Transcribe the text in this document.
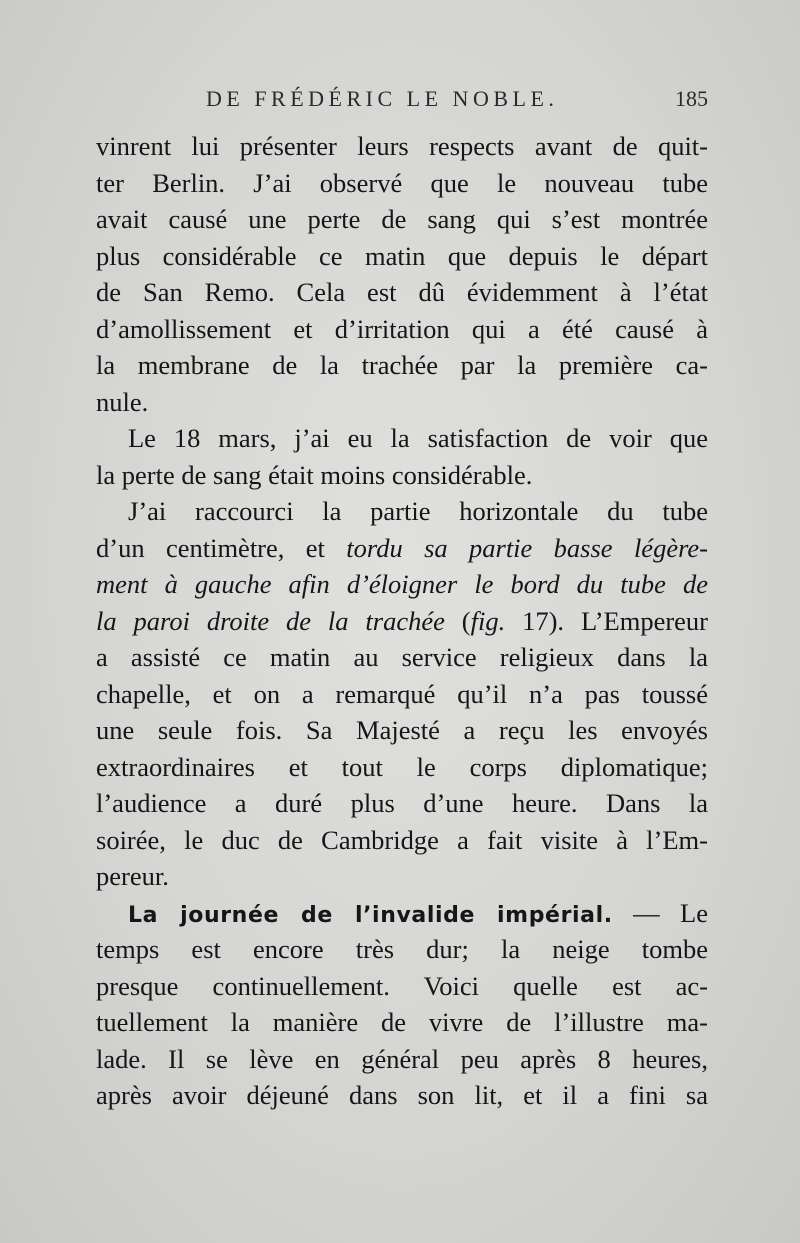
DE FRÉDÉRIC LE NOBLE.	185
vinrent lui présenter leurs respects avant de quit-
ter Berlin. J’ai observé que le nouveau tube
avait causé une perte de sang qui s’est montrée
plus considérable ce matin que depuis le départ
de San Remo. Cela est dû évidemment à l’état
d’amollissement et d’irritation qui a été causé à
la membrane de la trachée par la première ca-
nule.
Le 18 mars, j’ai eu la satisfaction de voir que
la perte de sang était moins considérable.
J’ai raccourci la partie horizontale du tube
d’un centimètre, et tordu sa partie basse légère-
ment à gauche afin d’éloigner le bord du tube de
la paroi droite de la trachée (fig. 17). L’Empereur
a assisté ce matin au service religieux dans la
chapelle, et on a remarqué qu’il n’a pas toussé
une seule fois. Sa Majesté a reçu les envoyés
extraordinaires et tout le corps diplomatique;
l’audience a duré plus d’une heure. Dans la
soirée, le duc de Cambridge a fait visite à l’Em-
pereur.
La journée de l’invalide impérial. — Le
temps est encore très dur; la neige tombe
presque continuellement. Voici quelle est ac-
tuellement la manière de vivre de l’illustre ma-
lade. Il se lève en général peu après 8 heures,
après avoir déjeuné dans son lit, et il a fini sa
